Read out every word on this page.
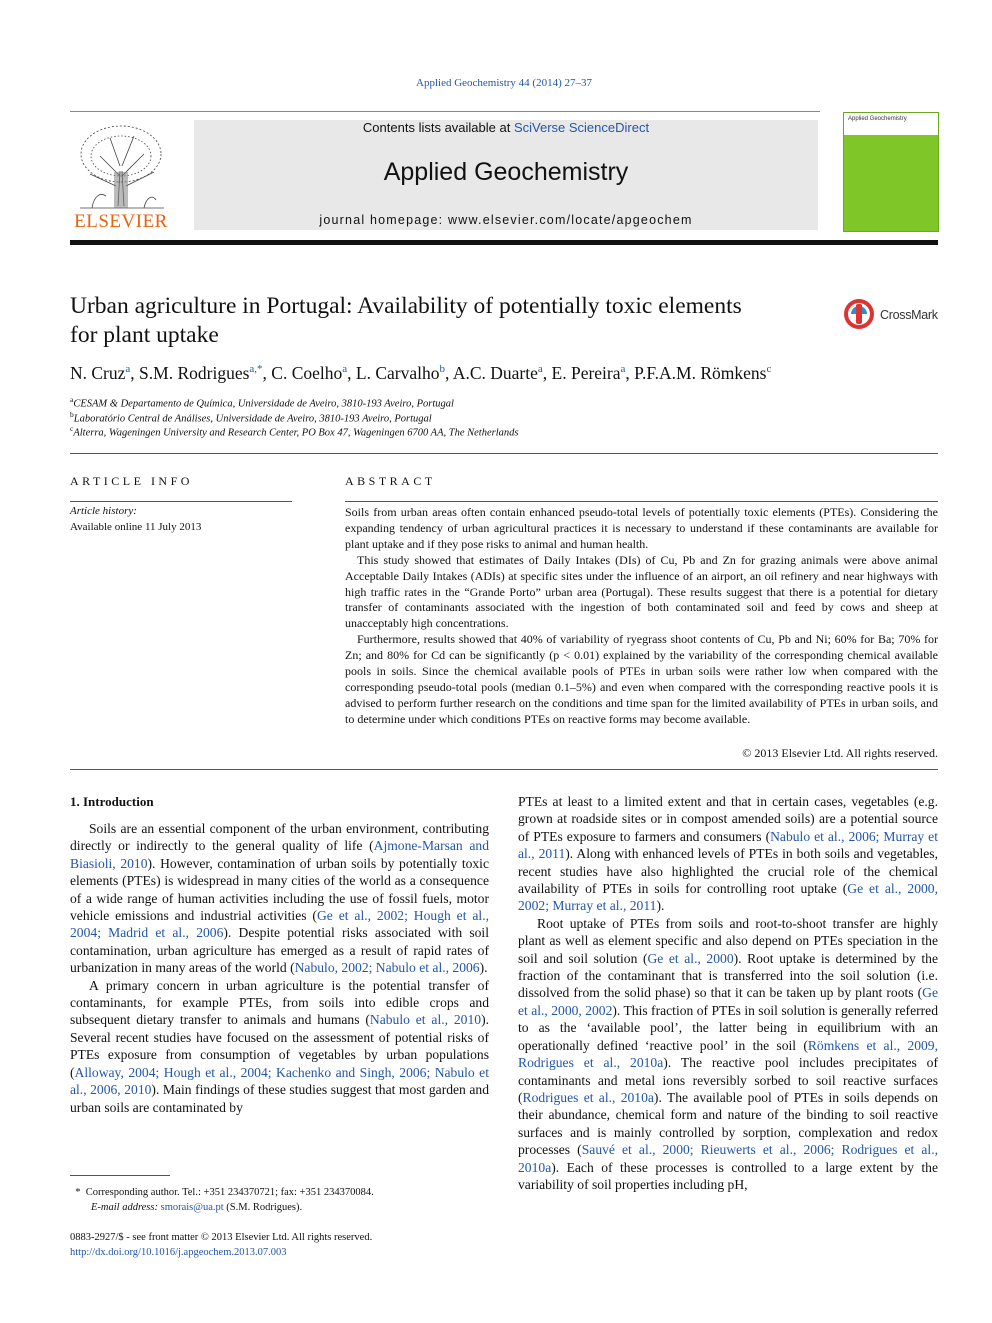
Applied Geochemistry 44 (2014) 27–37
ELSEVIER
Contents lists available at SciVerse ScienceDirect
Applied Geochemistry
journal homepage: www.elsevier.com/locate/apgeochem
Applied Geochemistry
Urban agriculture in Portugal: Availability of potentially toxic elements
for plant uptake
CrossMark
N. Cruz$^a$, S.M. Rodrigues$^{a,*}$, C. Coelho$^a$, L. Carvalho$^b$, A.C. Duarte$^a$, E. Pereira$^a$, P.F.A.M. Römkens$^c$
$^a$CESAM & Departamento de Química, Universidade de Aveiro, 3810-193 Aveiro, Portugal
$^b$Laboratório Central de Análises, Universidade de Aveiro, 3810-193 Aveiro, Portugal
$^c$Alterra, Wageningen University and Research Center, PO Box 47, Wageningen 6700 AA, The Netherlands
ARTICLE INFO
Article history:
Available online 11 July 2013
ABSTRACT

Soils from urban areas often contain enhanced pseudo-total levels of potentially toxic elements (PTEs). Considering the expanding tendency of urban agricultural practices it is necessary to understand if these contaminants are available for plant uptake and if they pose risks to animal and human health.

This study showed that estimates of Daily Intakes (DIs) of Cu, Pb and Zn for grazing animals were above animal Acceptable Daily Intakes (ADIs) at specific sites under the influence of an airport, an oil refinery and near highways with high traffic rates in the “Grande Porto” urban area (Portugal). These results suggest that there is a potential for dietary transfer of contaminants associated with the ingestion of both contaminated soil and feed by cows and sheep at unacceptably high concentrations.

Furthermore, results showed that 40% of variability of ryegrass shoot contents of Cu, Pb and Ni; 60% for Ba; 70% for Zn; and 80% for Cd can be significantly (p < 0.01) explained by the variability of the corresponding chemical available pools in soils. Since the chemical available pools of PTEs in urban soils were rather low when compared with the corresponding pseudo-total pools (median 0.1–5%) and even when compared with the corresponding reactive pools it is advised to perform further research on the conditions and time span for the limited availability of PTEs in urban soils, and to determine under which conditions PTEs on reactive forms may become available.

© 2013 Elsevier Ltd. All rights reserved.
1. Introduction

Soils are an essential component of the urban environment, contributing directly or indirectly to the general quality of life (Ajmone-Marsan and Biasioli, 2010). However, contamination of urban soils by potentially toxic elements (PTEs) is widespread in many cities of the world as a consequence of a wide range of human activities including the use of fossil fuels, motor vehicle emissions and industrial activities (Ge et al., 2002; Hough et al., 2004; Madrid et al., 2006). Despite potential risks associated with soil contamination, urban agriculture has emerged as a result of rapid rates of urbanization in many areas of the world (Nabulo, 2002; Nabulo et al., 2006).

A primary concern in urban agriculture is the potential transfer of contaminants, for example PTEs, from soils into edible crops and subsequent dietary transfer to animals and humans (Nabulo et al., 2010). Several recent studies have focused on the assessment of potential risks of PTEs exposure from consumption of vegetables by urban populations (Alloway, 2004; Hough et al., 2004; Kachenko and Singh, 2006; Nabulo et al., 2006, 2010). Main findings of these studies suggest that most garden and urban soils are contaminated by

PTEs at least to a limited extent and that in certain cases, vegetables (e.g. grown at roadside sites or in compost amended soils) are a potential source of PTEs exposure to farmers and consumers (Nabulo et al., 2006; Murray et al., 2011). Along with enhanced levels of PTEs in both soils and vegetables, recent studies have also highlighted the crucial role of the chemical availability of PTEs in soils for controlling root uptake (Ge et al., 2000, 2002; Murray et al., 2011).

Root uptake of PTEs from soils and root-to-shoot transfer are highly plant as well as element specific and also depend on PTEs speciation in the soil and soil solution (Ge et al., 2000). Root uptake is determined by the fraction of the contaminant that is transferred into the soil solution (i.e. dissolved from the solid phase) so that it can be taken up by plant roots (Ge et al., 2000, 2002). This fraction of PTEs in soil solution is generally referred to as the ‘available pool’, the latter being in equilibrium with an operationally defined ‘reactive pool’ in the soil (Römkens et al., 2009, Rodrigues et al., 2010a). The reactive pool includes precipitates of contaminants and metal ions reversibly sorbed to soil reactive surfaces (Rodrigues et al., 2010a). The available pool of PTEs in soils depends on their abundance, chemical form and nature of the binding to soil reactive surfaces and is mainly controlled by sorption, complexation and redox processes (Sauvé et al., 2000; Rieuwerts et al., 2006; Rodrigues et al., 2010a). Each of these processes is controlled to a large extent by the variability of soil properties including pH,

* Corresponding author. Tel.: +351 234370721; fax: +351 234370084.
E-mail address: smorais@ua.pt (S.M. Rodrigues).
0883-2927/$ - see front matter © 2013 Elsevier Ltd. All rights reserved.
http://dx.doi.org/10.1016/j.apgeochem.2013.07.003
